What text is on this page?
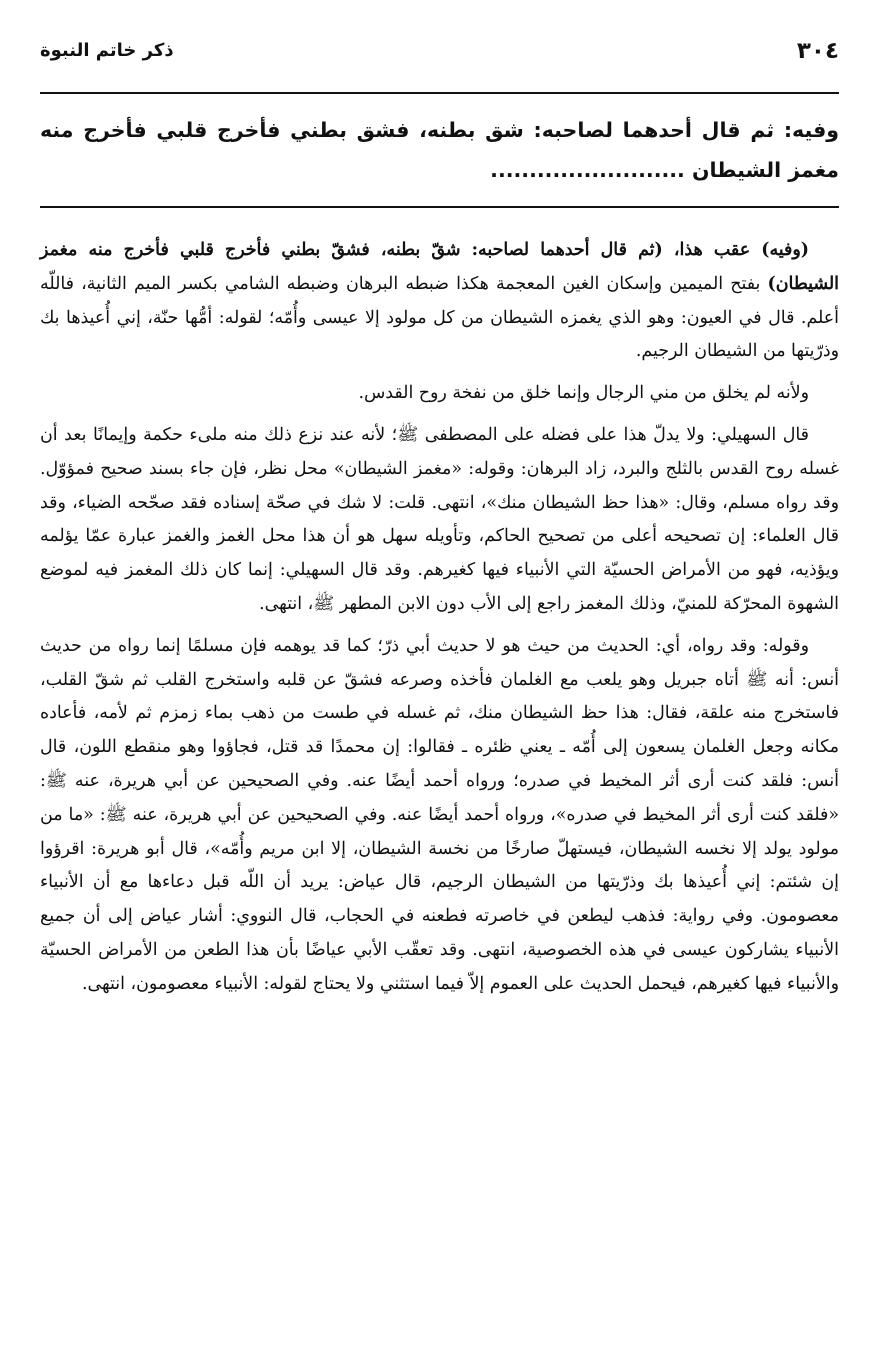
٣٠٤
ذكر خاتم النبوة
وفيه: ثم قال أحدهما لصاحبه: شق بطنه، فشق بطني فأخرج قلبي فأخرج منه مغمز الشيطان .........................

(وفيه) عقب هذا، (ثم قال أحدهما لصاحبه: شقّ بطنه، فشقّ بطني فأخرج قلبي فأخرج منه مغمز الشيطان) بفتح الميمين وإسكان الغين المعجمة هكذا ضبطه البرهان وضبطه الشامي بكسر الميم الثانية، فاللّه أعلم. قال في العيون: وهو الذي يغمزه الشيطان من كل مولود إلا عيسى وأُمّه؛ لقوله: أمُّها حنّة، إني أُعيذها بك وذرّيتها من الشيطان الرجيم.

ولأنه لم يخلق من مني الرجال وإنما خلق من نفخة روح القدس.

قال السهيلي: ولا يدلّ هذا على فضله على المصطفى ﷺ؛ لأنه عند نزع ذلك منه ملىء حكمة وإيمانًا بعد أن غسله روح القدس بالثلج والبرد، زاد البرهان: وقوله: «مغمز الشيطان» محل نظر، فإن جاء بسند صحيح فمؤوّل. وقد رواه مسلم، وقال: «هذا حظ الشيطان منك»، انتهى. قلت: لا شك في صحّة إسناده فقد صحّحه الضياء، وقد قال العلماء: إن تصحيحه أعلى من تصحيح الحاكم، وتأويله سهل هو أن هذا محل الغمز والغمز عبارة عمّا يؤلمه ويؤذيه، فهو من الأمراض الحسيّة التي الأنبياء فيها كغيرهم. وقد قال السهيلي: إنما كان ذلك المغمز فيه لموضع الشهوة المحرّكة للمنيّ، وذلك المغمز راجع إلى الأب دون الابن المطهر ﷺ، انتهى.

وقوله: وقد رواه، أي: الحديث من حيث هو لا حديث أبي ذرّ؛ كما قد يوهمه فإن مسلمًا إنما رواه من حديث أنس: أنه ﷺ أتاه جبريل وهو يلعب مع الغلمان فأخذه وصرعه فشقّ عن قلبه واستخرج القلب ثم شقّ القلب، فاستخرج منه علقة، فقال: هذا حظ الشيطان منك، ثم غسله في طست من ذهب بماء زمزم ثم لأمه، فأعاده مكانه وجعل الغلمان يسعون إلى أُمّه ـ يعني ظئره ـ فقالوا: إن محمدًا قد قتل، فجاؤوا وهو منقطع اللون، قال أنس: فلقد كنت أرى أثر المخيط في صدره؛ ورواه أحمد أيضًا عنه. وفي الصحيحين عن أبي هريرة، عنه ﷺ: «فلقد كنت أرى أثر المخيط في صدره»، ورواه أحمد أيضًا عنه. وفي الصحيحين عن أبي هريرة، عنه ﷺ: «ما من مولود يولد إلا نخسه الشيطان، فيستهلّ صارخًا من نخسة الشيطان، إلا ابن مريم وأُمّه»، قال أبو هريرة: اقرؤوا إن شئتم: إني أُعيذها بك وذرّيتها من الشيطان الرجيم، قال عياض: يريد أن اللّه قبل دعاءها مع أن الأنبياء معصومون. وفي رواية: فذهب ليطعن في خاصرته فطعنه في الحجاب، قال النووي: أشار عياض إلى أن جميع الأنبياء يشاركون عيسى في هذه الخصوصية، انتهى. وقد تعقّب الأبي عياضًا بأن هذا الطعن من الأمراض الحسيّة والأنبياء فيها كغيرهم، فيحمل الحديث على العموم إلاّ فيما استثني ولا يحتاج لقوله: الأنبياء معصومون، انتهى.
